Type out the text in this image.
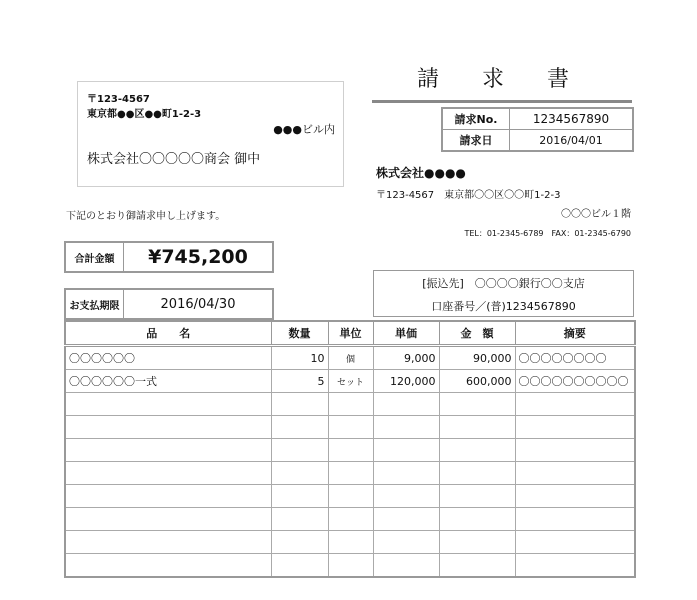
〒123-4567
東京都●●区●●町1-2-3
●●●ビル内
株式会社〇〇〇〇〇商会 御中
請 求 書
請求No.	1234567890
請求日	2016/04/01
株式会社●●●●
〒123-4567　東京都〇〇区〇〇町1-2-3
〇〇〇ビル１階
TEL：01-2345-6789　FAX：01-2345-6790
下記のとおり御請求申し上げます。
合計金額	¥745,200
お支払期限	2016/04/30
[振込先]　〇〇〇〇銀行〇〇支店
口座番号／(普)1234567890
品　　名	数量	単位	単価	金　額	摘要
〇〇〇〇〇〇	10	個	9,000	90,000	〇〇〇〇〇〇〇〇
〇〇〇〇〇〇一式	5	セット	120,000	600,000	〇〇〇〇〇〇〇〇〇〇
